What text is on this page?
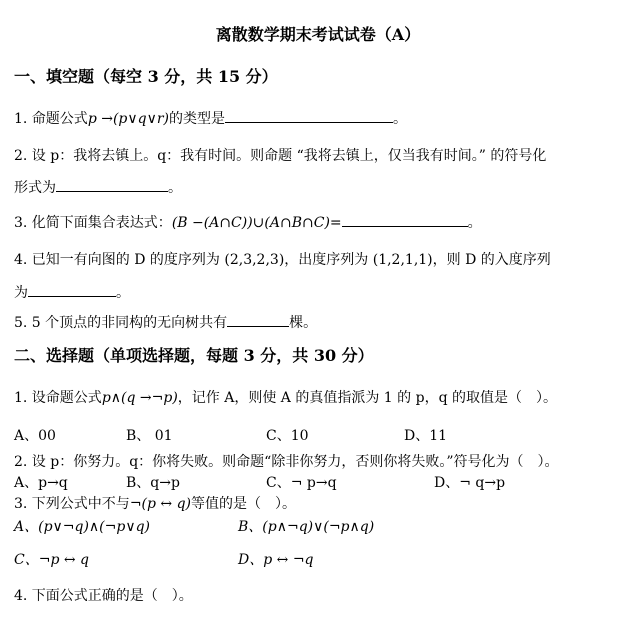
离散数学期末考试试卷（A）
一、填空题（每空 3 分，共 15 分）
1. 命题公式p →(p∨q∨r)的类型是	。
2. 设 p：我将去镇上。q：我有时间。则命题 “我将去镇上，仅当我有时间。” 的符号化
形式为	。
3. 化简下面集合表达式：(B −(A∩C))∪(A∩B∩C)=	。
4. 已知一有向图的 D 的度序列为 (2,3,2,3)，出度序列为 (1,2,1,1)，则 D 的入度序列
为	。
5. 5 个顶点的非同构的无向树共有	棵。
二、选择题（单项选择题，每题 3 分，共 30 分）
1. 设命题公式p∧(q →¬p)，记作 A，则使 A 的真值指派为 1 的 p，q 的取值是（　）。
A、00	B、 01	C、10	D、11
2. 设 p：你努力。q：你将失败。则命题“除非你努力，否则你将失败。”符号化为（　）。
A、p→q	B、q→p	C、¬ p→q	D、¬ q→p
3. 下列公式中不与¬(p ↔ q)等值的是（　）。
A、(p∨¬q)∧(¬p∨q)	B、(p∧¬q)∨(¬p∧q)
C、¬p ↔ q	D、p ↔ ¬q
4. 下面公式正确的是（　）。
